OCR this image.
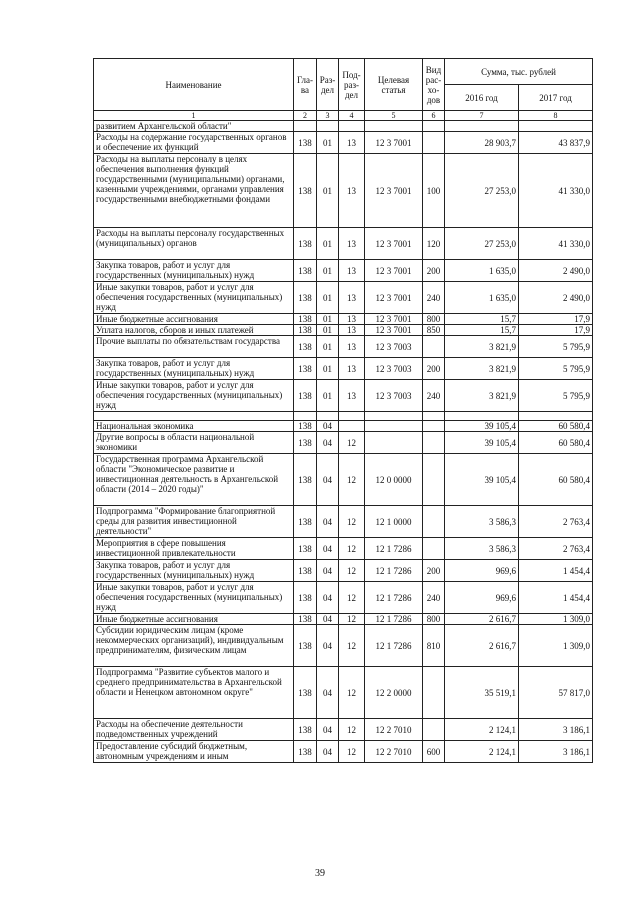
Наименование	Гла-ва	Раз-дел	Под-раз-дел	Целевая статья	Вид рас-хо-дов	Сумма, тыс. рублей	
						2016 год	2017 год
1	2	3	4	5	6	7	8
развитием Архангельской области"							
Расходы на содержание государственных органов и обеспечение их функций	138	01	13	12 3 7001		28 903,7	43 837,9
Расходы на выплаты персоналу в целях обеспечения выполнения функций государственными (муниципальными) органами, казенными учреждениями, органами управления государственными внебюджетными фондами	138	01	13	12 3 7001	100	27 253,0	41 330,0
Расходы на выплаты персоналу государственных (муниципальных) органов	138	01	13	12 3 7001	120	27 253,0	41 330,0
Закупка товаров, работ и услуг для государственных (муниципальных) нужд	138	01	13	12 3 7001	200	1 635,0	2 490,0
Иные закупки товаров, работ и услуг для обеспечения государственных (муниципальных) нужд	138	01	13	12 3 7001	240	1 635,0	2 490,0
Иные бюджетные ассигнования	138	01	13	12 3 7001	800	15,7	17,9
Уплата налогов, сборов и иных платежей	138	01	13	12 3 7001	850	15,7	17,9
Прочие выплаты по обязательствам государства	138	01	13	12 3 7003		3 821,9	5 795,9
Закупка товаров, работ и услуг для государственных (муниципальных) нужд	138	01	13	12 3 7003	200	3 821,9	5 795,9
Иные закупки товаров, работ и услуг для обеспечения государственных (муниципальных) нужд	138	01	13	12 3 7003	240	3 821,9	5 795,9

Национальная экономика	138	04				39 105,4	60 580,4
Другие вопросы в области национальной экономики	138	04	12			39 105,4	60 580,4
Государственная программа Архангельской области "Экономическое развитие и инвестиционная деятельность в Архангельской области (2014 – 2020 годы)"	138	04	12	12 0 0000		39 105,4	60 580,4
Подпрограмма "Формирование благоприятной среды для развития инвестиционной деятельности"	138	04	12	12 1 0000		3 586,3	2 763,4
Мероприятия в сфере повышения инвестиционной привлекательности	138	04	12	12 1 7286		3 586,3	2 763,4
Закупка товаров, работ и услуг для государственных (муниципальных) нужд	138	04	12	12 1 7286	200	969,6	1 454,4
Иные закупки товаров, работ и услуг для обеспечения государственных (муниципальных) нужд	138	04	12	12 1 7286	240	969,6	1 454,4
Иные бюджетные ассигнования	138	04	12	12 1 7286	800	2 616,7	1 309,0
Субсидии юридическим лицам (кроме некоммерческих организаций), индивидуальным предпринимателям, физическим лицам	138	04	12	12 1 7286	810	2 616,7	1 309,0
Подпрограмма "Развитие субъектов малого и среднего предпринимательства в Архангельской области и Ненецком автономном округе"	138	04	12	12 2 0000		35 519,1	57 817,0
Расходы на обеспечение деятельности подведомственных учреждений	138	04	12	12 2 7010		2 124,1	3 186,1
Предоставление субсидий бюджетным, автономным учреждениям и иным	138	04	12	12 2 7010	600	2 124,1	3 186,1
39
